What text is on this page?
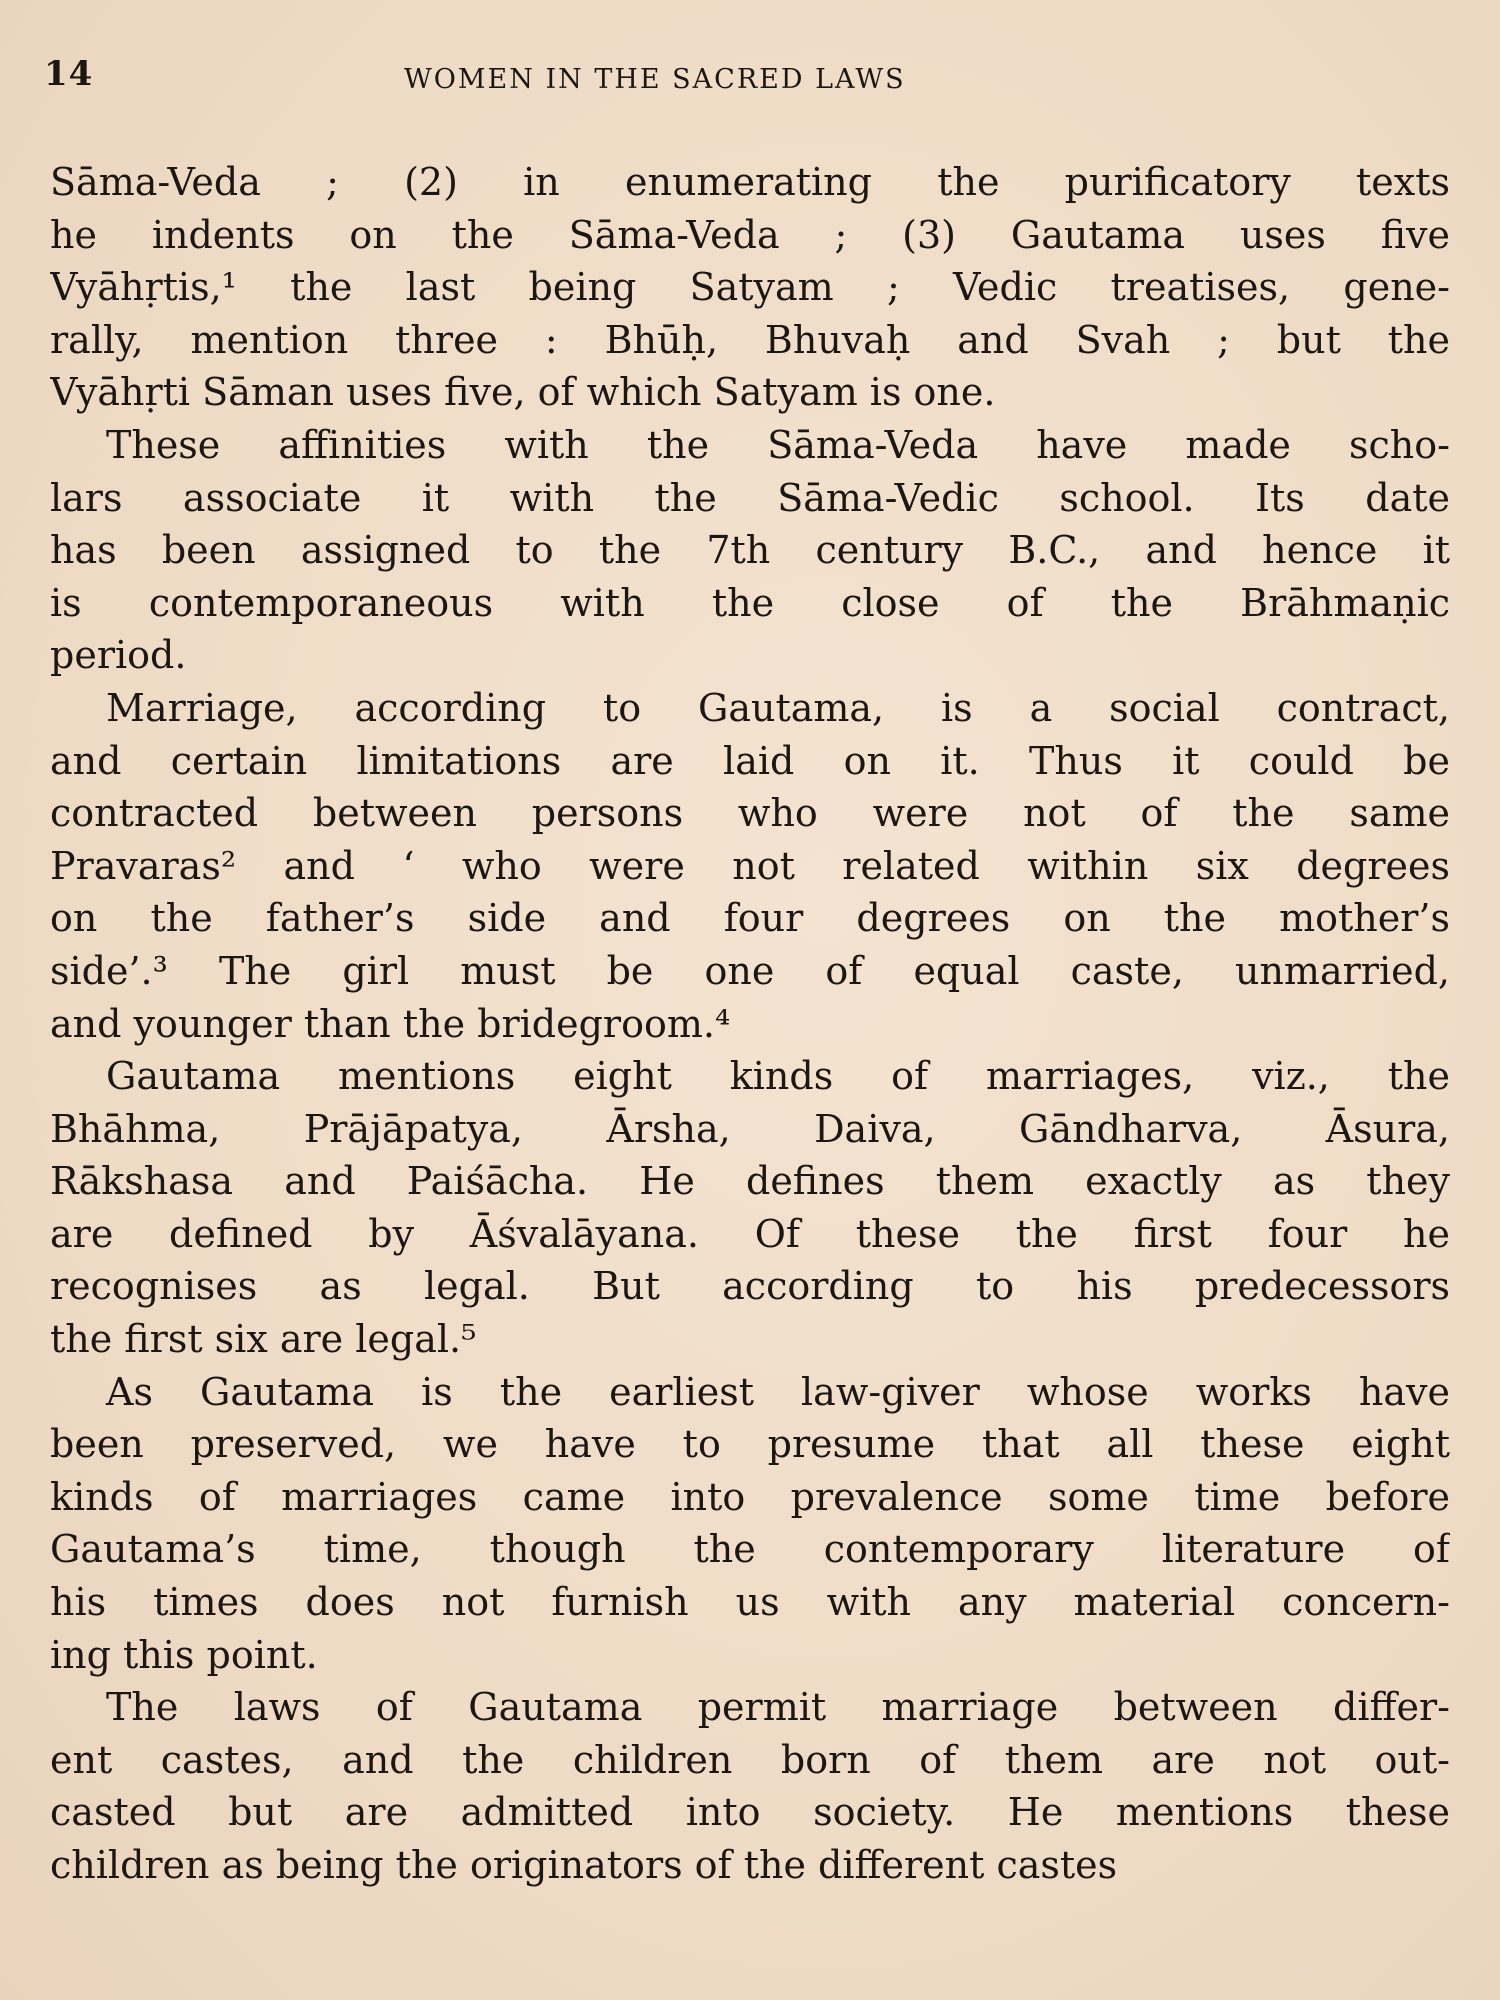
14	WOMEN IN THE SACRED LAWS
Sāma-Veda ; (2) in enumerating the purificatory texts
he indents on the Sāma-Veda ; (3) Gautama uses five
Vyāhṛtis,¹ the last being Satyam ; Vedic treatises, gene-
rally, mention three : Bhūḥ, Bhuvaḥ and Svah ; but the
Vyāhṛti Sāman uses five, of which Satyam is one.
These affinities with the Sāma-Veda have made scho-
lars associate it with the Sāma-Vedic school. Its date
has been assigned to the 7th century B.C., and hence it
is contemporaneous with the close of the Brāhmaṇic
period.
Marriage, according to Gautama, is a social contract,
and certain limitations are laid on it. Thus it could be
contracted between persons who were not of the same
Pravaras² and ‘ who were not related within six degrees
on the father’s side and four degrees on the mother’s
side’.³ The girl must be one of equal caste, unmarried,
and younger than the bridegroom.⁴
Gautama mentions eight kinds of marriages, viz., the
Bhāhma, Prājāpatya, Ārsha, Daiva, Gāndharva, Āsura,
Rākshasa and Paiśācha. He defines them exactly as they
are defined by Āśvalāyana. Of these the first four he
recognises as legal. But according to his predecessors
the first six are legal.⁵
As Gautama is the earliest law-giver whose works have
been preserved, we have to presume that all these eight
kinds of marriages came into prevalence some time before
Gautama’s time, though the contemporary literature of
his times does not furnish us with any material concern-
ing this point.
The laws of Gautama permit marriage between differ-
ent castes, and the children born of them are not out-
casted but are admitted into society. He mentions these
children as being the originators of the different castes
